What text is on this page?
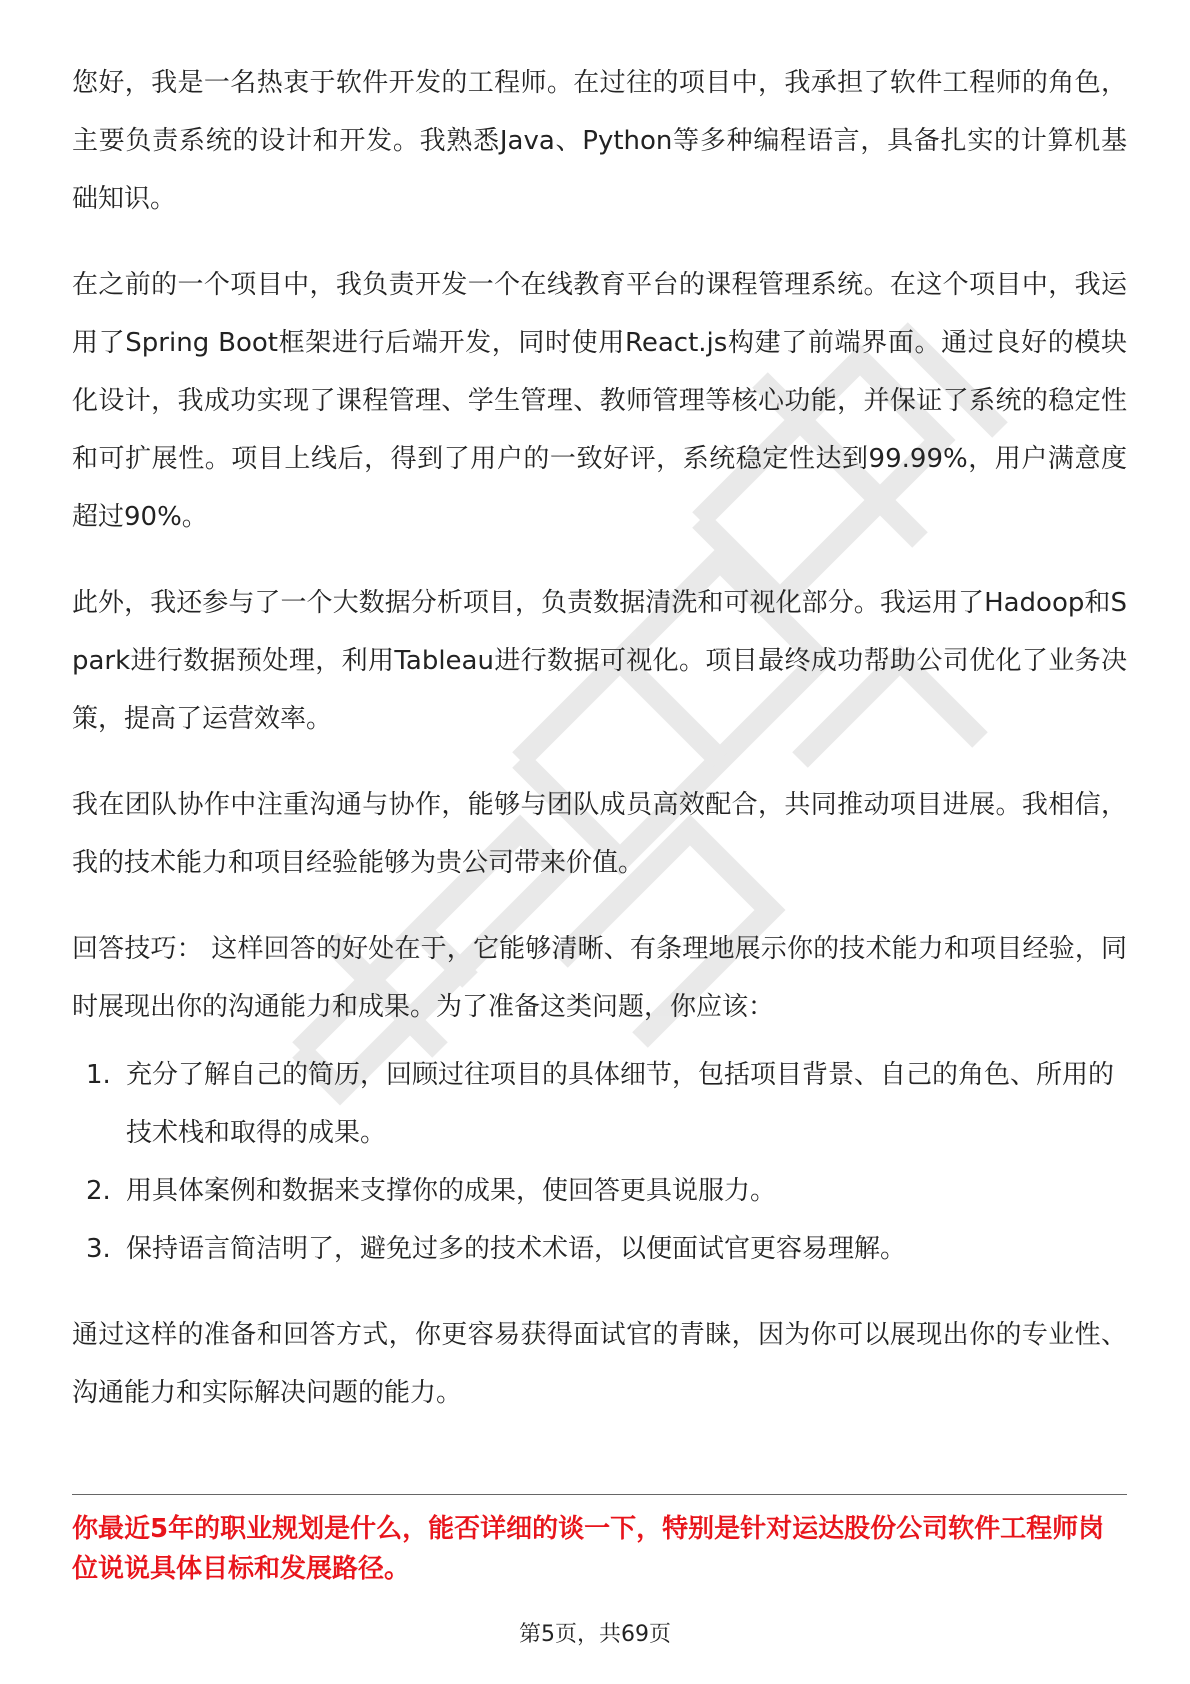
您好，我是一名热衷于软件开发的工程师。在过往的项目中，我承担了软件工程师的角色，主要负责系统的设计和开发。我熟悉Java、Python等多种编程语言，具备扎实的计算机基础知识。

在之前的一个项目中，我负责开发一个在线教育平台的课程管理系统。在这个项目中，我运用了Spring Boot框架进行后端开发，同时使用React.js构建了前端界面。通过良好的模块化设计，我成功实现了课程管理、学生管理、教师管理等核心功能，并保证了系统的稳定性和可扩展性。项目上线后，得到了用户的一致好评，系统稳定性达到99.99%，用户满意度超过90%。

此外，我还参与了一个大数据分析项目，负责数据清洗和可视化部分。我运用了Hadoop和Spark进行数据预处理，利用Tableau进行数据可视化。项目最终成功帮助公司优化了业务决策，提高了运营效率。

我在团队协作中注重沟通与协作，能够与团队成员高效配合，共同推动项目进展。我相信，我的技术能力和项目经验能够为贵公司带来价值。

回答技巧： 这样回答的好处在于，它能够清晰、有条理地展示你的技术能力和项目经验，同时展现出你的沟通能力和成果。为了准备这类问题，你应该：

1. 充分了解自己的简历，回顾过往项目的具体细节，包括项目背景、自己的角色、所用的技术栈和取得的成果。
2. 用具体案例和数据来支撑你的成果，使回答更具说服力。
3. 保持语言简洁明了，避免过多的技术术语，以便面试官更容易理解。

通过这样的准备和回答方式，你更容易获得面试官的青睐，因为你可以展现出你的专业性、沟通能力和实际解决问题的能力。

你最近5年的职业规划是什么，能否详细的谈一下，特别是针对运达股份公司软件工程师岗位说说具体目标和发展路径。

第5页，共69页
